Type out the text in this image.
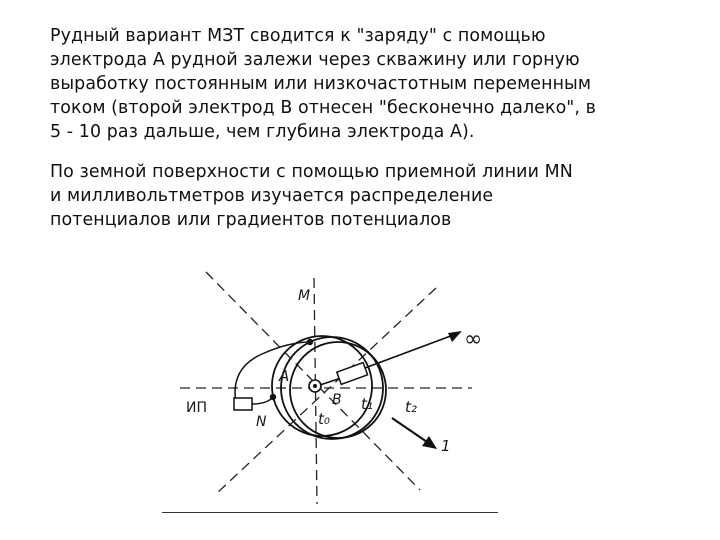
Рудный вариант МЗТ сводится к "заряду" с помощью
электрода А рудной залежи через скважину или горную
выработку постоянным или низкочастотным переменным
током (второй электрод В отнесен "бесконечно далеко", в
5 - 10 раз дальше, чем глубина электрода А).
По земной поверхности с помощью приемной линии MN
и милливольтметров изучается распределение
потенциалов или градиентов потенциалов
M
A
B
N
ИП
t₀
t₁ t₂
∞
1
